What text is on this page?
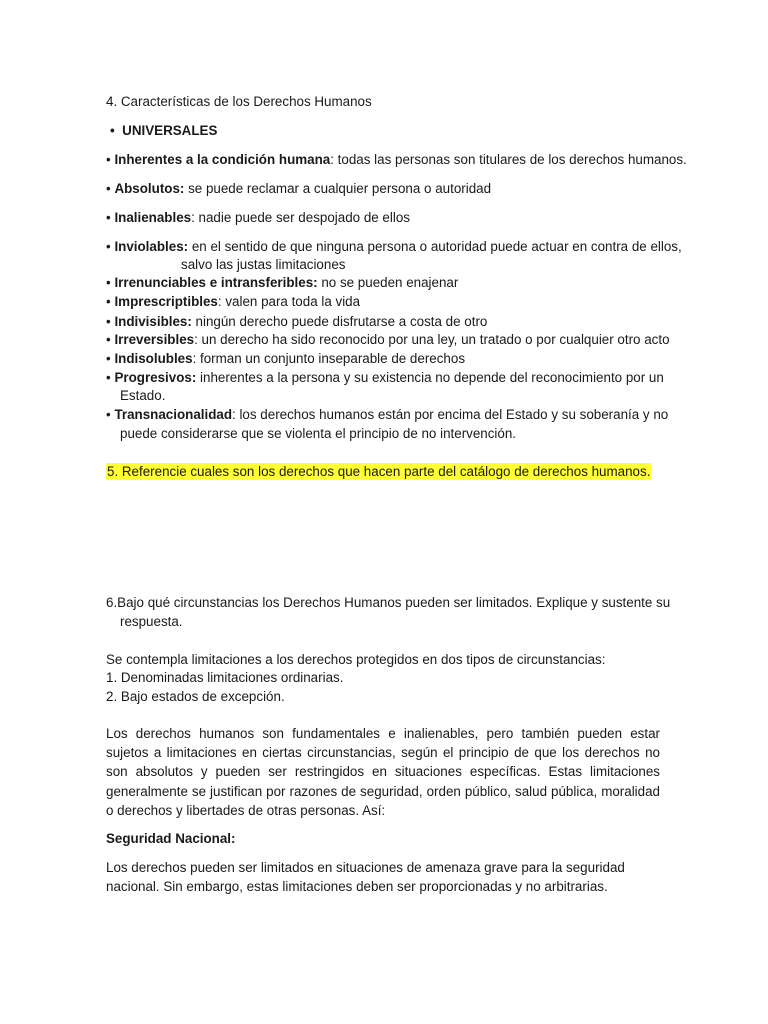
4. Características de los Derechos Humanos
• UNIVERSALES
• Inherentes a la condición humana: todas las personas son titulares de los derechos humanos.
• Absolutos: se puede reclamar a cualquier persona o autoridad
• Inalienables: nadie puede ser despojado de ellos
• Inviolables: en el sentido de que ninguna persona o autoridad puede actuar en contra de ellos,
salvo las justas limitaciones
• Irrenunciables e intransferibles: no se pueden enajenar
• Imprescriptibles: valen para toda la vida
• Indivisibles: ningún derecho puede disfrutarse a costa de otro
• Irreversibles: un derecho ha sido reconocido por una ley, un tratado o por cualquier otro acto
• Indisolubles: forman un conjunto inseparable de derechos
• Progresivos: inherentes a la persona y su existencia no depende del reconocimiento por un
Estado.
• Transnacionalidad: los derechos humanos están por encima del Estado y su soberanía y no
puede considerarse que se violenta el principio de no intervención.
5. Referencie cuales son los derechos que hacen parte del catálogo de derechos humanos.
6.Bajo qué circunstancias los Derechos Humanos pueden ser limitados. Explique y sustente su
respuesta.
Se contempla limitaciones a los derechos protegidos en dos tipos de circunstancias:
1. Denominadas limitaciones ordinarias.
2. Bajo estados de excepción.
Los derechos humanos son fundamentales e inalienables, pero también pueden estar sujetos a limitaciones en ciertas circunstancias, según el principio de que los derechos no son absolutos y pueden ser restringidos en situaciones específicas. Estas limitaciones generalmente se justifican por razones de seguridad, orden público, salud pública, moralidad o derechos y libertades de otras personas. Así:
Seguridad Nacional:
Los derechos pueden ser limitados en situaciones de amenaza grave para la seguridad nacional. Sin embargo, estas limitaciones deben ser proporcionadas y no arbitrarias.
